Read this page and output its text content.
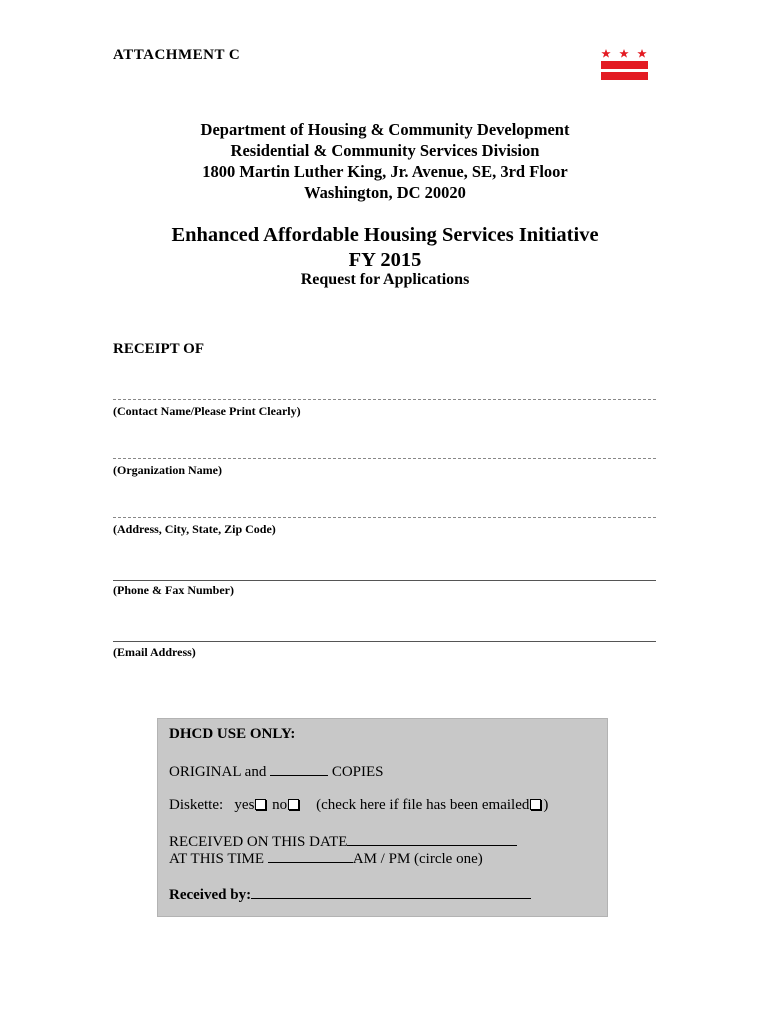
ATTACHMENT C
Department of Housing & Community Development
Residential & Community Services Division
1800 Martin Luther King, Jr. Avenue, SE, 3rd Floor
Washington, DC 20020
Enhanced Affordable Housing Services Initiative
FY 2015
Request for Applications
RECEIPT OF
(Contact Name/Please Print Clearly)
(Organization Name)
(Address, City, State, Zip Code)
(Phone & Fax Number)
(Email Address)
DHCD USE ONLY:
ORIGINAL and	COPIES
Diskette: yes no (check here if file has been emailed )
RECEIVED ON THIS DATE
AT THIS TIME	AM / PM (circle one)
Received by:
